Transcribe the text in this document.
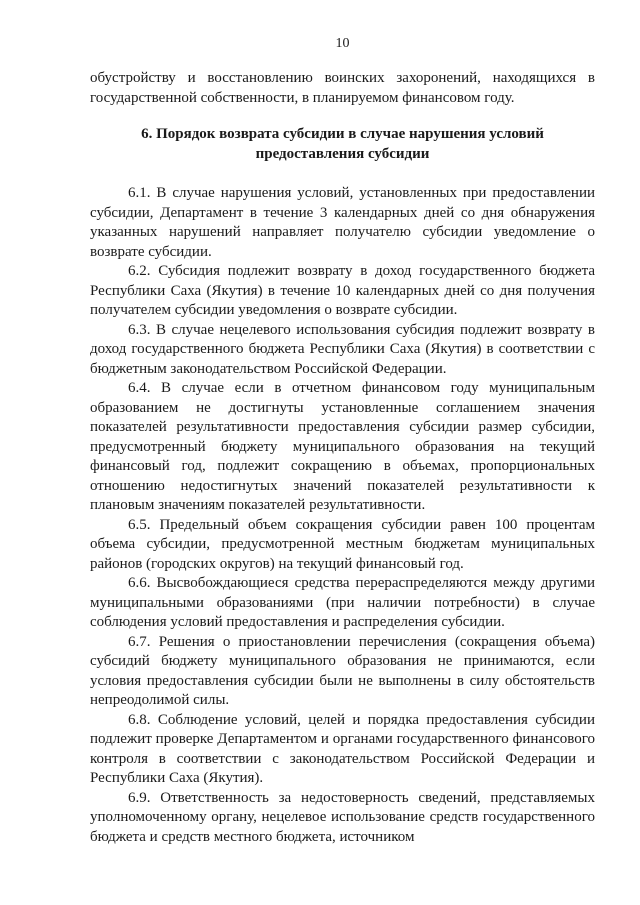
10

обустройству и восстановлению воинских захоронений, находящихся в государственной собственности, в планируемом финансовом году.

6. Порядок возврата субсидии в случае нарушения условий
предоставления субсидии

6.1. В случае нарушения условий, установленных при предоставлении субсидии, Департамент в течение 3 календарных дней со дня обнаружения указанных нарушений направляет получателю субсидии уведомление о возврате субсидии.

6.2. Субсидия подлежит возврату в доход государственного бюджета Республики Саха (Якутия) в течение 10 календарных дней со дня получения получателем субсидии уведомления о возврате субсидии.

6.3. В случае нецелевого использования субсидия подлежит возврату в доход государственного бюджета Республики Саха (Якутия) в соответствии с бюджетным законодательством Российской Федерации.

6.4. В случае если в отчетном финансовом году муниципальным образованием не достигнуты установленные соглашением значения показателей результативности предоставления субсидии размер субсидии, предусмотренный бюджету муниципального образования на текущий финансовый год, подлежит сокращению в объемах, пропорциональных отношению недостигнутых значений показателей результативности к плановым значениям показателей результативности.

6.5. Предельный объем сокращения субсидии равен 100 процентам объема субсидии, предусмотренной местным бюджетам муниципальных районов (городских округов) на текущий финансовый год.

6.6. Высвобождающиеся средства перераспределяются между другими муниципальными образованиями (при наличии потребности) в случае соблюдения условий предоставления и распределения субсидии.

6.7. Решения о приостановлении перечисления (сокращения объема) субсидий бюджету муниципального образования не принимаются, если условия предоставления субсидии были не выполнены в силу обстоятельств непреодолимой силы.

6.8. Соблюдение условий, целей и порядка предоставления субсидии подлежит проверке Департаментом и органами государственного финансового контроля в соответствии с законодательством Российской Федерации и Республики Саха (Якутия).

6.9. Ответственность за недостоверность сведений, представляемых уполномоченному органу, нецелевое использование средств государственного бюджета и средств местного бюджета, источником
